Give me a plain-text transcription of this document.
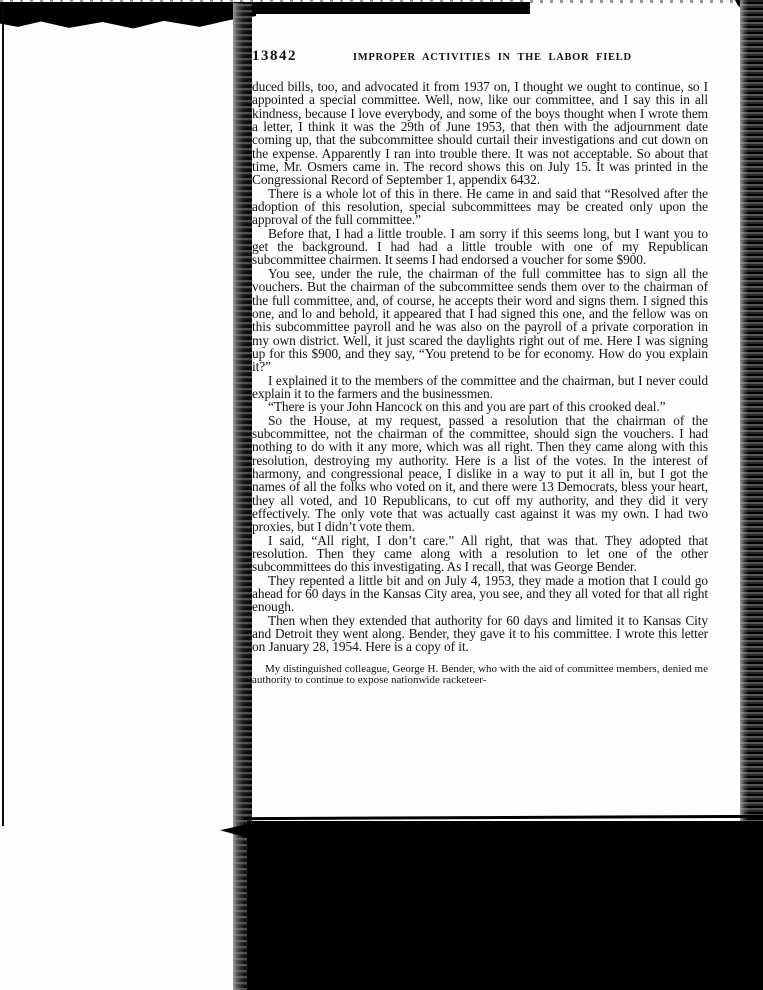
13842	IMPROPER ACTIVITIES IN THE LABOR FIELD

duced bills, too, and advocated it from 1937 on, I thought we ought to continue, so I appointed a special committee. Well, now, like our committee, and I say this in all kindness, because I love everybody, and some of the boys thought when I wrote them a letter, I think it was the 29th of June 1953, that then with the adjournment date coming up, that the subcommittee should curtail their investigations and cut down on the expense. Apparently I ran into trouble there. It was not acceptable. So about that time, Mr. Osmers came in. The record shows this on July 15. It was printed in the Congressional Record of September 1, appendix 6432.

There is a whole lot of this in there. He came in and said that “Resolved after the adoption of this resolution, special subcommittees may be created only upon the approval of the full committee.”

Before that, I had a little trouble. I am sorry if this seems long, but I want you to get the background. I had had a little trouble with one of my Republican subcommittee chairmen. It seems I had endorsed a voucher for some $900.

You see, under the rule, the chairman of the full committee has to sign all the vouchers. But the chairman of the subcommittee sends them over to the chairman of the full committee, and, of course, he accepts their word and signs them. I signed this one, and lo and behold, it appeared that I had signed this one, and the fellow was on this subcommittee payroll and he was also on the payroll of a private corporation in my own district. Well, it just scared the daylights right out of me. Here I was signing up for this $900, and they say, “You pretend to be for economy. How do you explain it?”

I explained it to the members of the committee and the chairman, but I never could explain it to the farmers and the businessmen.

“There is your John Hancock on this and you are part of this crooked deal.”

So the House, at my request, passed a resolution that the chairman of the subcommittee, not the chairman of the committee, should sign the vouchers. I had nothing to do with it any more, which was all right. Then they came along with this resolution, destroying my authority. Here is a list of the votes. In the interest of harmony, and congressional peace, I dislike in a way to put it all in, but I got the names of all the folks who voted on it, and there were 13 Democrats, bless your heart, they all voted, and 10 Republicans, to cut off my authority, and they did it very effectively. The only vote that was actually cast against it was my own. I had two proxies, but I didn’t vote them.

I said, “All right, I don’t care.” All right, that was that. They adopted that resolution. Then they came along with a resolution to let one of the other subcommittees do this investigating. As I recall, that was George Bender.

They repented a little bit and on July 4, 1953, they made a motion that I could go ahead for 60 days in the Kansas City area, you see, and they all voted for that all right enough.

Then when they extended that authority for 60 days and limited it to Kansas City and Detroit they went along. Bender, they gave it to his committee. I wrote this letter on January 28, 1954. Here is a copy of it.

My distinguished colleague, George H. Bender, who with the aid of committee members, denied me authority to continue to expose nationwide racketeer-
